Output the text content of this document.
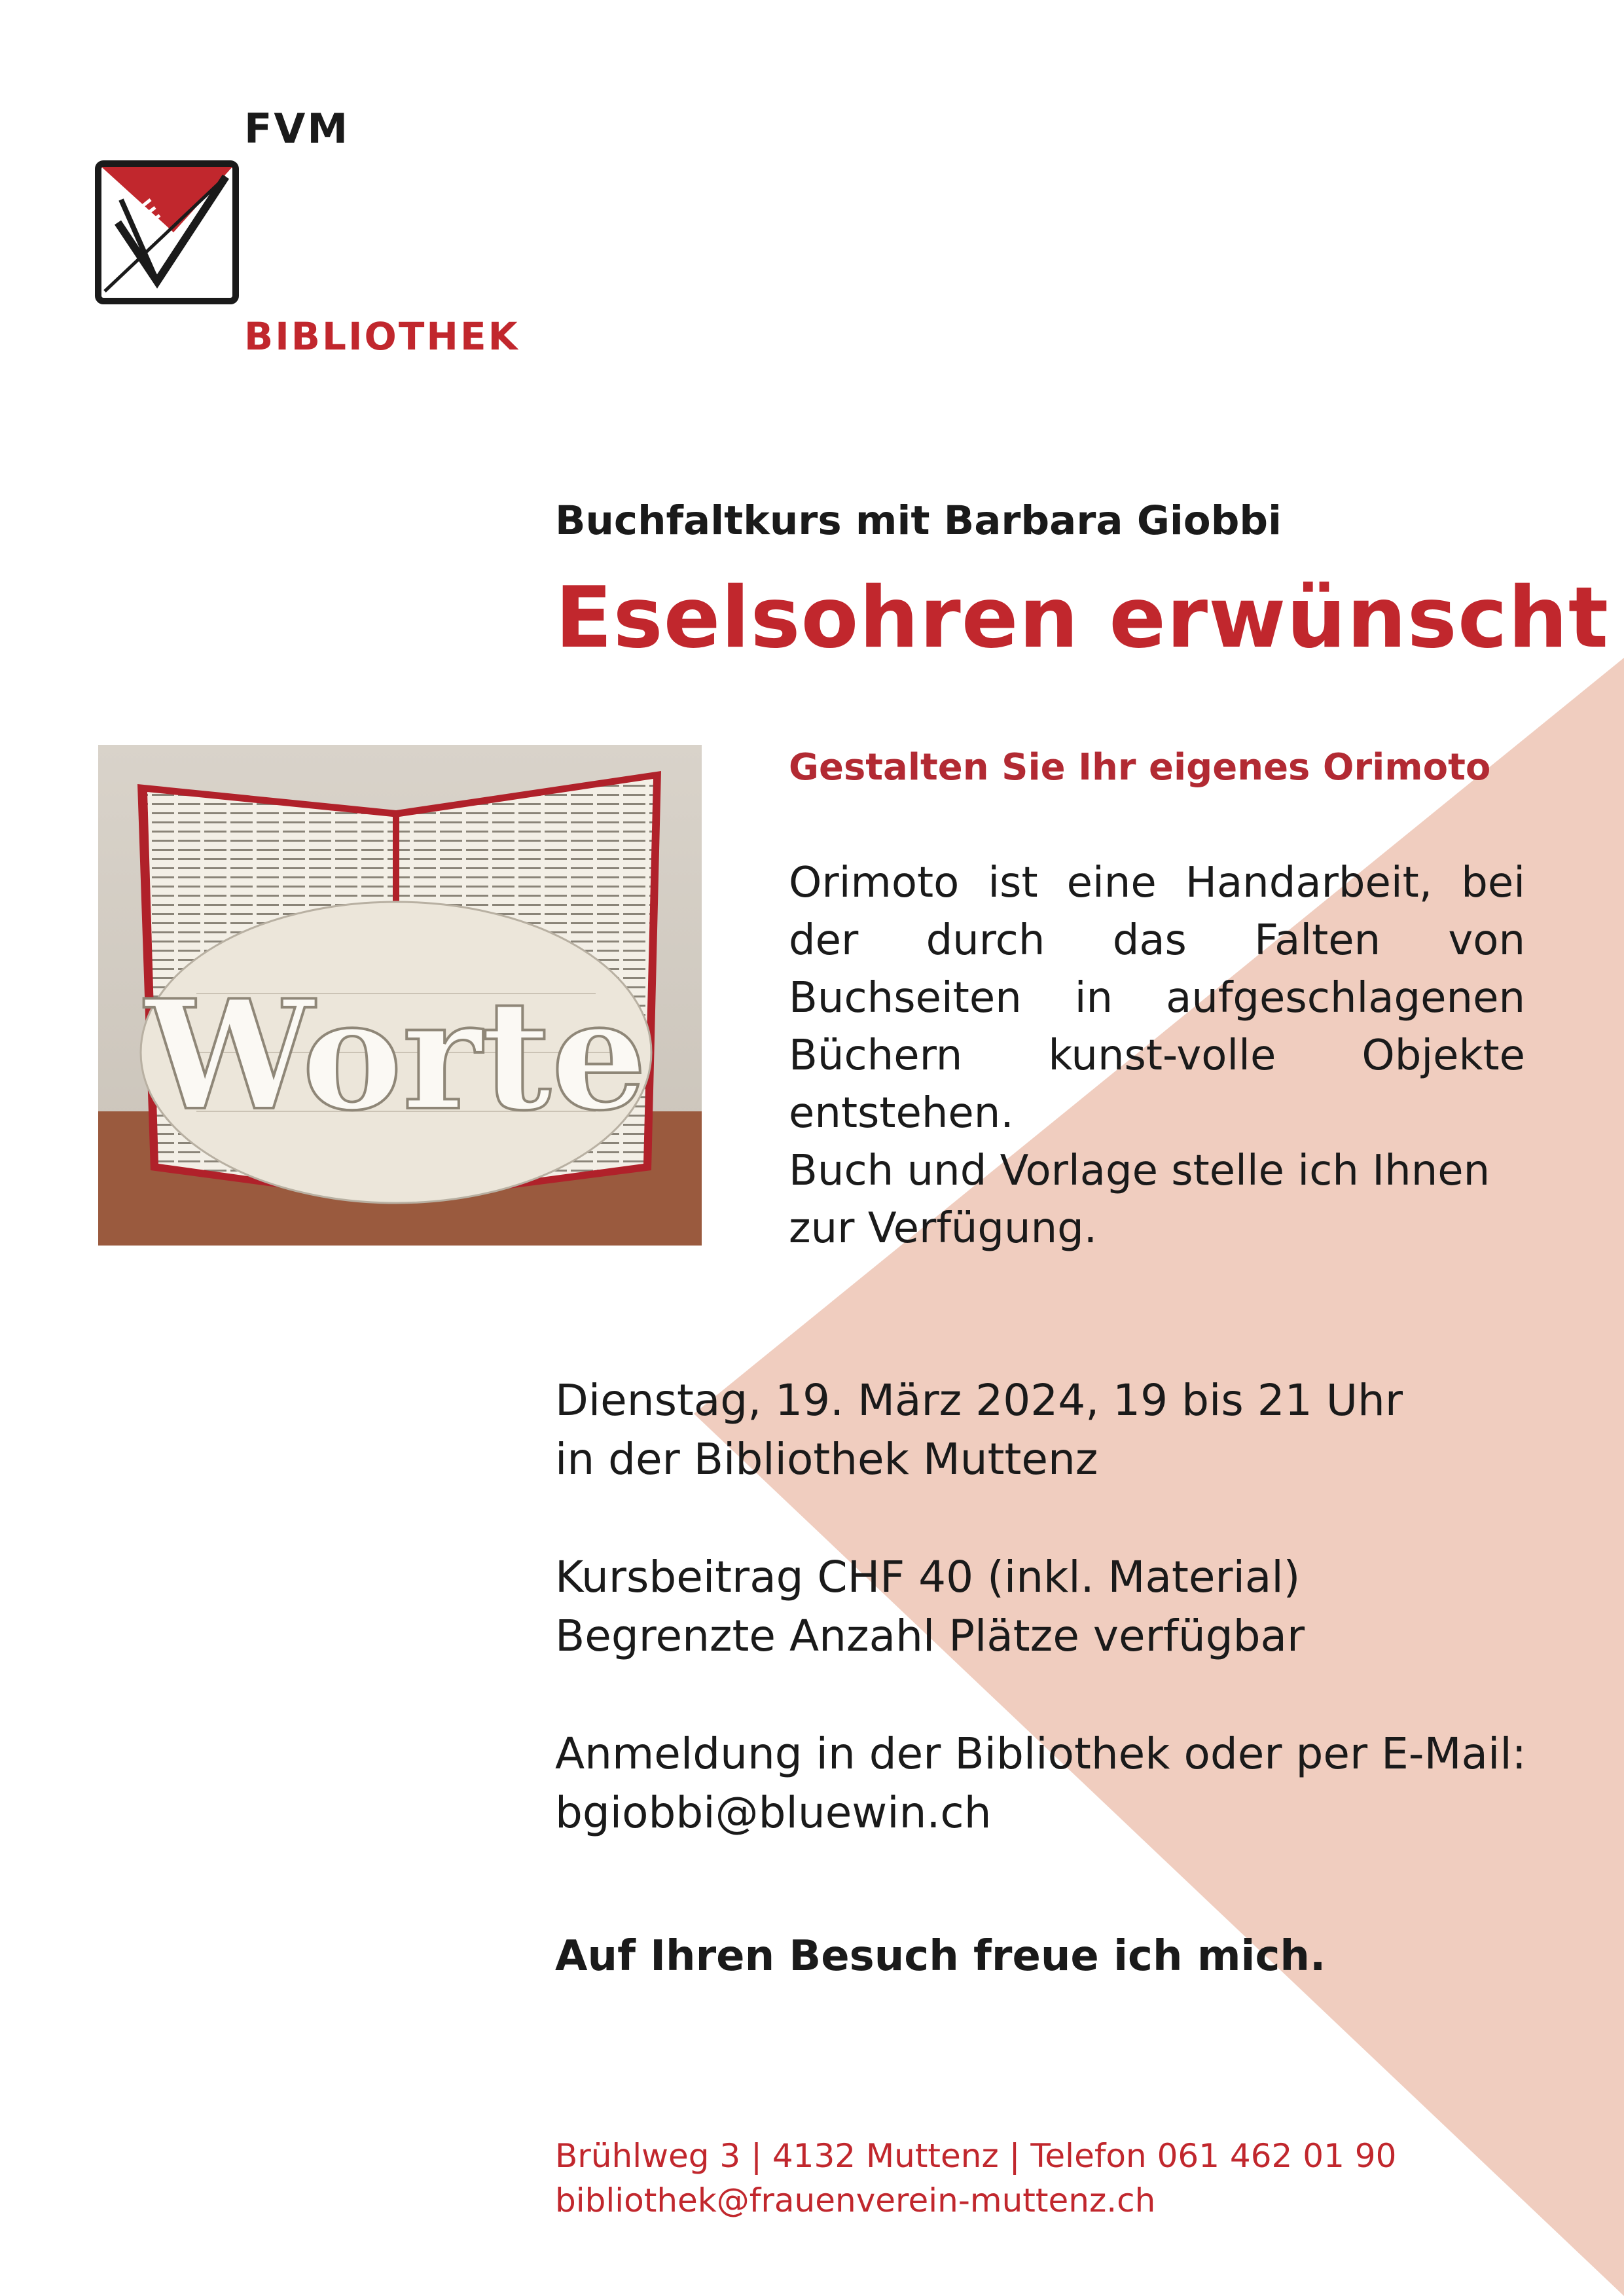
FVM
BIBLIOTHEK
Buchfaltkurs mit Barbara Giobbi
Eselsohren erwünscht
Worte
Gestalten Sie Ihr eigenes Orimoto
Orimoto ist eine Handarbeit, bei der durch das Falten von Buchseiten in aufgeschlagenen Büchern kunst-volle Objekte entstehen.
Buch und Vorlage stelle ich Ihnen zur Verfügung.
Dienstag, 19. März 2024, 19 bis 21 Uhr
in der Bibliothek Muttenz
Kursbeitrag CHF 40 (inkl. Material)
Begrenzte Anzahl Plätze verfügbar
Anmeldung in der Bibliothek oder per E-Mail:
bgiobbi@bluewin.ch
Auf Ihren Besuch freue ich mich.
Brühlweg 3 | 4132 Muttenz | Telefon 061 462 01 90
bibliothek@frauenverein-muttenz.ch
